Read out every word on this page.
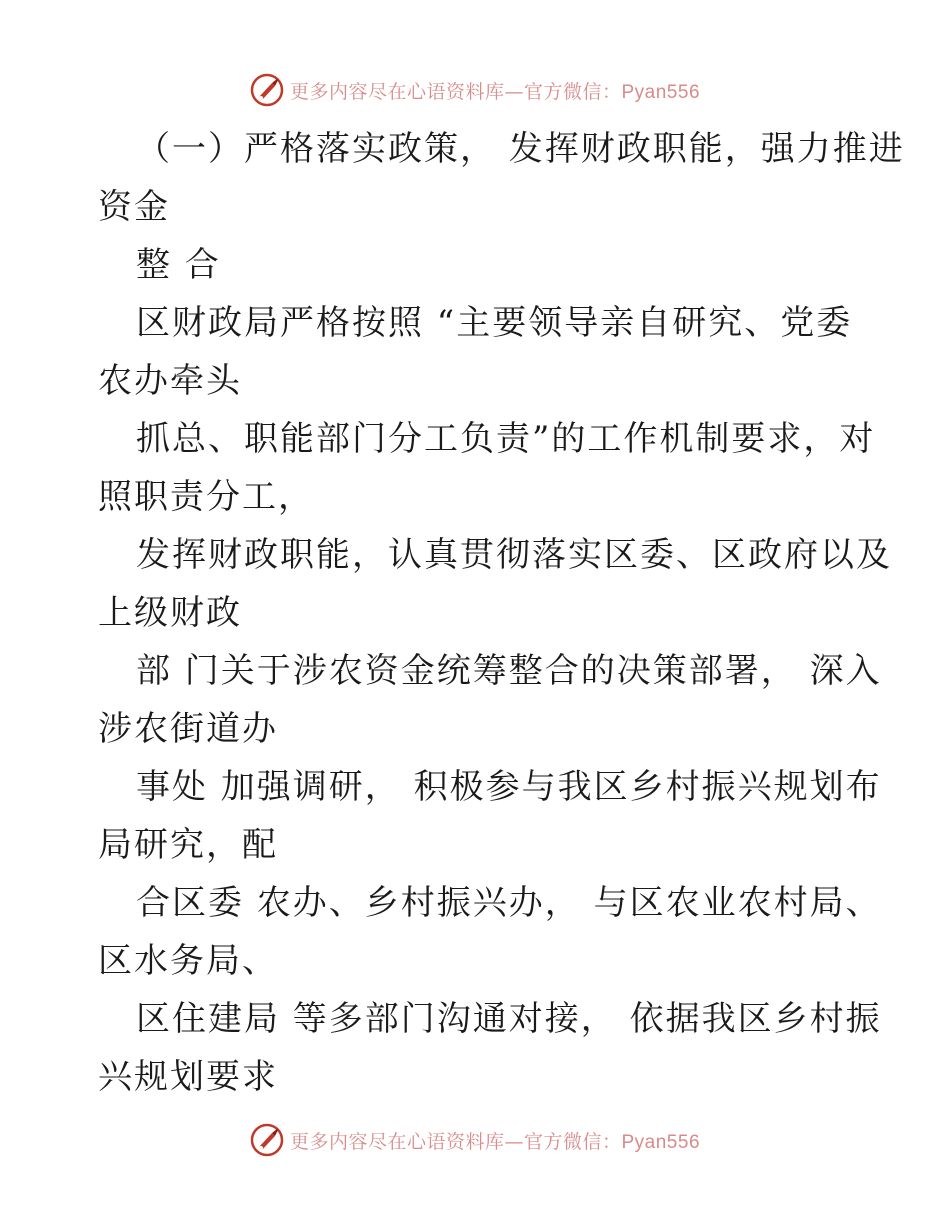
更多内容尽在心语资料库—官方微信：Pyan556
（一）严格落实政策， 发挥财政职能，强力推进
资金
整 合
区财政局严格按照 “主要领导亲自研究、党委
农办牵头
抓总、职能部门分工负责”的工作机制要求，对
照职责分工，
发挥财政职能，认真贯彻落实区委、区政府以及
上级财政
部 门关于涉农资金统筹整合的决策部署， 深入
涉农街道办
事处 加强调研， 积极参与我区乡村振兴规划布
局研究，配
合区委 农办、乡村振兴办， 与区农业农村局、
区水务局、
区住建局 等多部门沟通对接， 依据我区乡村振
兴规划要求
更多内容尽在心语资料库—官方微信：Pyan556
